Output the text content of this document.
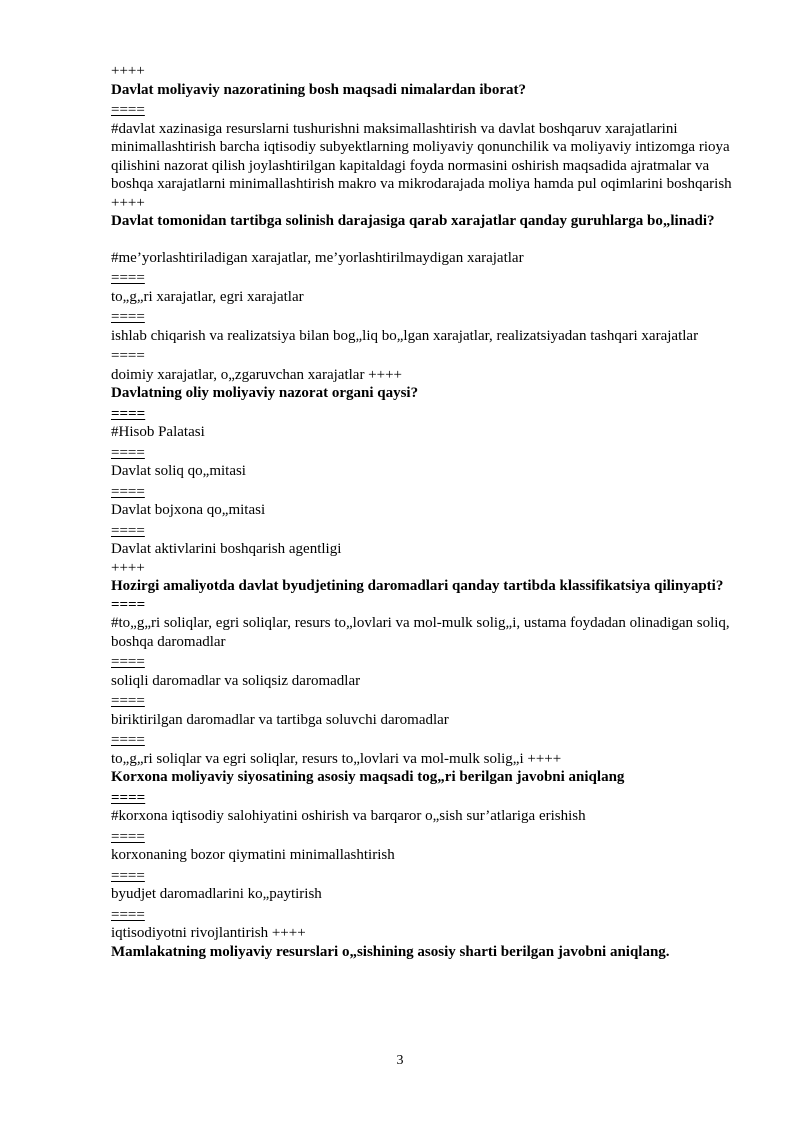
++++

Davlat moliyaviy nazoratining bosh maqsadi nimalardan iborat?

====

#davlat xazinasiga resurslarni tushurishni maksimallashtirish va davlat boshqaruv xarajatlarini minimallashtirish barcha iqtisodiy subyektlarning moliyaviy qonunchilik va moliyaviy intizomga rioya qilishini nazorat qilish joylashtirilgan kapitaldagi foyda normasini oshirish maqsadida ajratmalar va boshqa xarajatlarni minimallashtirish makro va mikrodarajada moliya hamda pul oqimlarini boshqarish ++++

Davlat tomonidan tartibga solinish darajasiga qarab xarajatlar qanday guruhlarga bo„linadi?

#me’yorlashtiriladigan xarajatlar, me’yorlashtirilmaydigan xarajatlar

====

to„g„ri xarajatlar, egri xarajatlar

====

ishlab chiqarish va realizatsiya bilan bog„liq bo„lgan xarajatlar, realizatsiyadan tashqari xarajatlar

====

doimiy xarajatlar, o„zgaruvchan xarajatlar ++++

Davlatning oliy moliyaviy nazorat organi qaysi?

====

#Hisob Palatasi

====

Davlat soliq qo„mitasi

====

Davlat bojxona qo„mitasi

====

Davlat aktivlarini boshqarish agentligi

++++

Hozirgi amaliyotda davlat byudjetining daromadlari qanday tartibda klassifikatsiya qilinyapti? ====

#to„g„ri soliqlar, egri soliqlar, resurs to„lovlari va mol-mulk solig„i, ustama foydadan olinadigan soliq, boshqa daromadlar

====

soliqli daromadlar va soliqsiz daromadlar

====

biriktirilgan daromadlar va tartibga soluvchi daromadlar

====

to„g„ri soliqlar va egri soliqlar, resurs to„lovlari va mol-mulk solig„i ++++

Korxona moliyaviy siyosatining asosiy maqsadi tog„ri berilgan javobni aniqlang

====

#korxona iqtisodiy salohiyatini oshirish va barqaror o„sish sur’atlariga erishish

====

korxonaning bozor qiymatini minimallashtirish

====

byudjet daromadlarini ko„paytirish

====

iqtisodiyotni rivojlantirish ++++

Mamlakatning moliyaviy resurslari o„sishining asosiy sharti berilgan javobni aniqlang.

3
